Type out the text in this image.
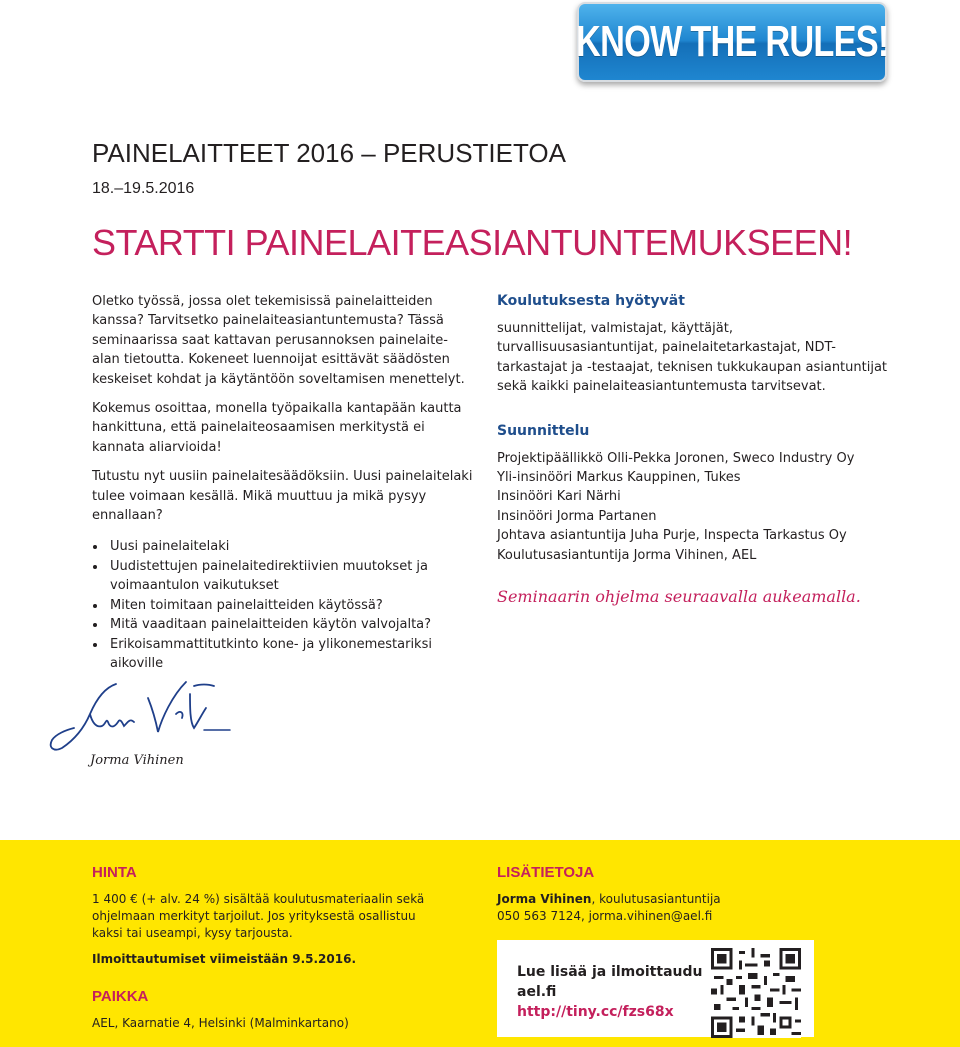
KNOW THE RULES!
PAINELAITTEET 2016 – PERUSTIETOA
18.–19.5.2016
STARTTI PAINELAITEASIANTUNTEMUKSEEN!

Oletko työssä, jossa olet tekemisissä painelaitteiden kanssa? Tarvitsetko painelaiteasiantuntemusta? Tässä seminaarissa saat kattavan perusannoksen painelaite-alan tietoutta. Kokeneet luennoijat esittävät säädösten keskeiset kohdat ja käytäntöön soveltamisen menettelyt.

Kokemus osoittaa, monella työpaikalla kantapään kautta hankittuna, että painelaiteosaamisen merkitystä ei kannata aliarvioida!

Tutustu nyt uusiin painelaitesäädöksiin. Uusi painelaitelaki tulee voimaan kesällä. Mikä muuttuu ja mikä pysyy ennallaan?

Uusi painelaitelaki
Uudistettujen painelaitedirektiivien muutokset ja voimaantulon vaikutukset
Miten toimitaan painelaitteiden käytössä?
Mitä vaaditaan painelaitteiden käytön valvojalta?
Erikoisammattitutkinto kone- ja ylikonemestariksi aikoville
Jorma Vihinen
Koulutuksesta hyötyvät

suunnittelijat, valmistajat, käyttäjät, turvallisuusasiantuntijat, painelaitetarkastajat, NDT-tarkastajat ja -testaajat, teknisen tukkukaupan asiantuntijat sekä kaikki painelaiteasiantuntemusta tarvitsevat.

Suunnittelu
Projektipäällikkö Olli-Pekka Joronen, Sweco Industry Oy
Yli-insinööri Markus Kauppinen, Tukes
Insinööri Kari Närhi
Insinööri Jorma Partanen
Johtava asiantuntija Juha Purje, Inspecta Tarkastus Oy
Koulutusasiantuntija Jorma Vihinen, AEL

Seminaarin ohjelma seuraavalla aukeamalla.

HINTA

1 400 € (+ alv. 24 %) sisältää koulutusmateriaalin sekä ohjelmaan merkityt tarjoilut. Jos yrityksestä osallistuu kaksi tai useampi, kysy tarjousta.

Ilmoittautumiset viimeistään 9.5.2016.

PAIKKA

AEL, Kaarnatie 4, Helsinki (Malminkartano)

LISÄTIETOJA

Jorma Vihinen, koulutusasiantuntija

050 563 7124, jorma.vihinen@ael.fi

Lue lisää ja ilmoittaudu
ael.fi
http://tiny.cc/fzs68x
